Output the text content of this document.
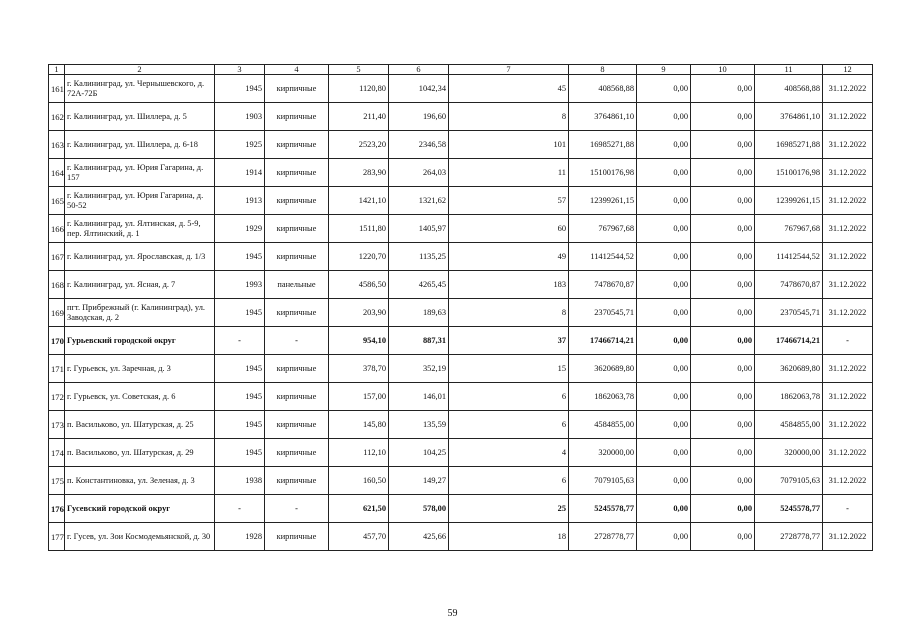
1	2	3	4	5	6	7	8	9	10	11	12
161	г. Калининград, ул. Чернышевского, д. 72А-72Б	1945	кирпичные	1120,80	1042,34	45	408568,88	0,00	0,00	408568,88	31.12.2022
162	г. Калининград, ул. Шиллера, д. 5	1903	кирпичные	211,40	196,60	8	3764861,10	0,00	0,00	3764861,10	31.12.2022
163	г. Калининград, ул. Шиллера, д. 6-18	1925	кирпичные	2523,20	2346,58	101	16985271,88	0,00	0,00	16985271,88	31.12.2022
164	г. Калининград, ул. Юрия Гагарина, д. 157	1914	кирпичные	283,90	264,03	11	15100176,98	0,00	0,00	15100176,98	31.12.2022
165	г. Калининград, ул. Юрия Гагарина, д. 50-52	1913	кирпичные	1421,10	1321,62	57	12399261,15	0,00	0,00	12399261,15	31.12.2022
166	г. Калининград, ул. Ялтинская, д. 5-9, пер. Ялтинский, д. 1	1929	кирпичные	1511,80	1405,97	60	767967,68	0,00	0,00	767967,68	31.12.2022
167	г. Калининград, ул. Ярославская, д. 1/3	1945	кирпичные	1220,70	1135,25	49	11412544,52	0,00	0,00	11412544,52	31.12.2022
168	г. Калининград, ул. Ясная, д. 7	1993	панельные	4586,50	4265,45	183	7478670,87	0,00	0,00	7478670,87	31.12.2022
169	пгт. Прибрежный (г. Калининград), ул. Заводская, д. 2	1945	кирпичные	203,90	189,63	8	2370545,71	0,00	0,00	2370545,71	31.12.2022
170	Гурьевский городской округ	-	-	954,10	887,31	37	17466714,21	0,00	0,00	17466714,21	-
171	г. Гурьевск, ул. Заречная, д. 3	1945	кирпичные	378,70	352,19	15	3620689,80	0,00	0,00	3620689,80	31.12.2022
172	г. Гурьевск, ул. Советская, д. 6	1945	кирпичные	157,00	146,01	6	1862063,78	0,00	0,00	1862063,78	31.12.2022
173	п. Васильково, ул. Шатурская, д. 25	1945	кирпичные	145,80	135,59	6	4584855,00	0,00	0,00	4584855,00	31.12.2022
174	п. Васильково, ул. Шатурская, д. 29	1945	кирпичные	112,10	104,25	4	320000,00	0,00	0,00	320000,00	31.12.2022
175	п. Константиновка, ул. Зеленая, д. 3	1938	кирпичные	160,50	149,27	6	7079105,63	0,00	0,00	7079105,63	31.12.2022
176	Гусевский городской округ	-	-	621,50	578,00	25	5245578,77	0,00	0,00	5245578,77	-
177	г. Гусев, ул. Зои Космодемьянской, д. 30	1928	кирпичные	457,70	425,66	18	2728778,77	0,00	0,00	2728778,77	31.12.2022
59
